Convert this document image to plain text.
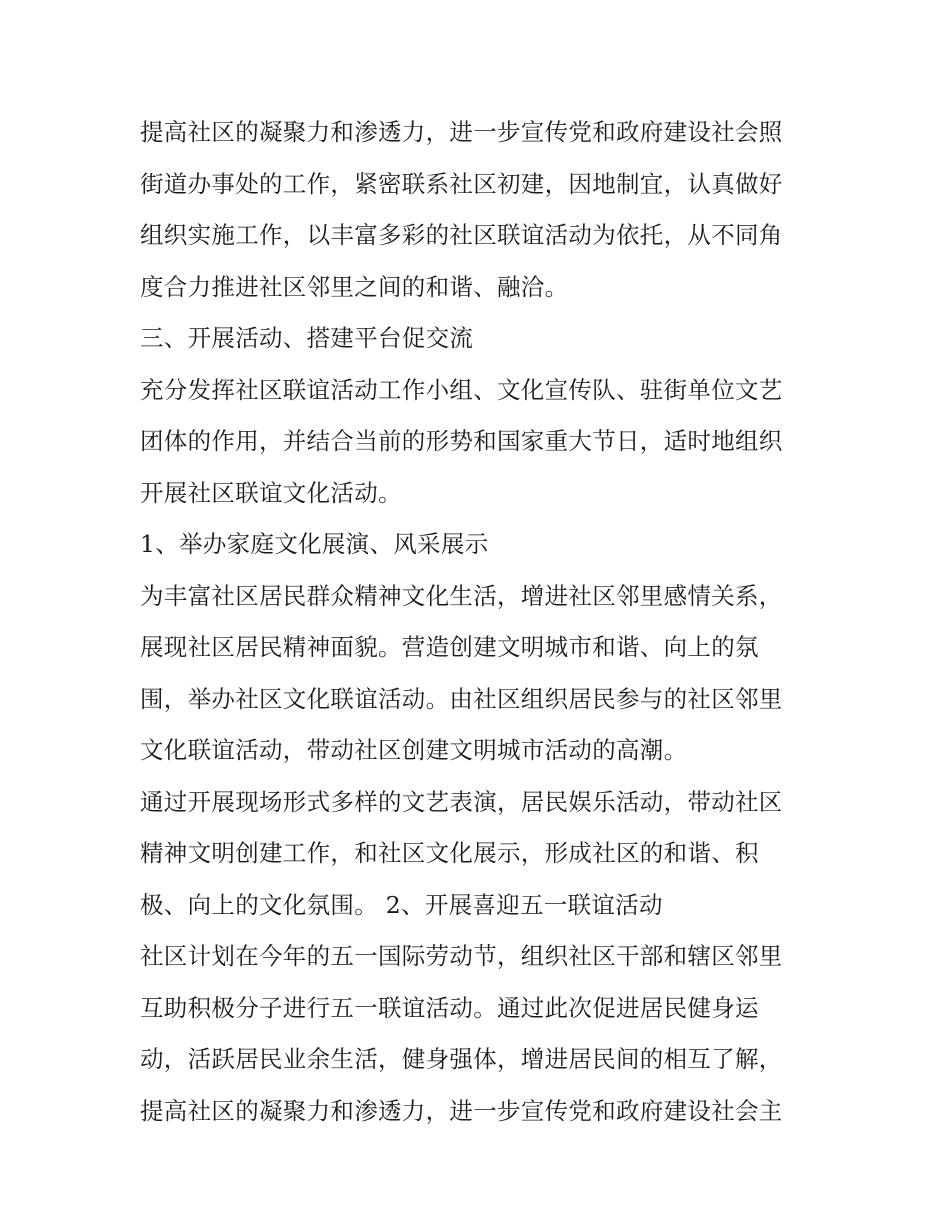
提高社区的凝聚力和渗透力，进一步宣传党和政府建设社会照
街道办事处的工作，紧密联系社区初建，因地制宜，认真做好
组织实施工作，以丰富多彩的社区联谊活动为依托，从不同角
度合力推进社区邻里之间的和谐、融洽。
三、开展活动、搭建平台促交流
充分发挥社区联谊活动工作小组、文化宣传队、驻街单位文艺
团体的作用，并结合当前的形势和国家重大节日，适时地组织
开展社区联谊文化活动。
1、举办家庭文化展演、风采展示
为丰富社区居民群众精神文化生活，增进社区邻里感情关系，
展现社区居民精神面貌。营造创建文明城市和谐、向上的氛
围，举办社区文化联谊活动。由社区组织居民参与的社区邻里
文化联谊活动，带动社区创建文明城市活动的高潮。
通过开展现场形式多样的文艺表演，居民娱乐活动，带动社区
精神文明创建工作，和社区文化展示，形成社区的和谐、积
极、向上的文化氛围。 2、开展喜迎五一联谊活动
社区计划在今年的五一国际劳动节，组织社区干部和辖区邻里
互助积极分子进行五一联谊活动。通过此次促进居民健身运
动，活跃居民业余生活，健身强体，增进居民间的相互了解，
提高社区的凝聚力和渗透力，进一步宣传党和政府建设社会主
